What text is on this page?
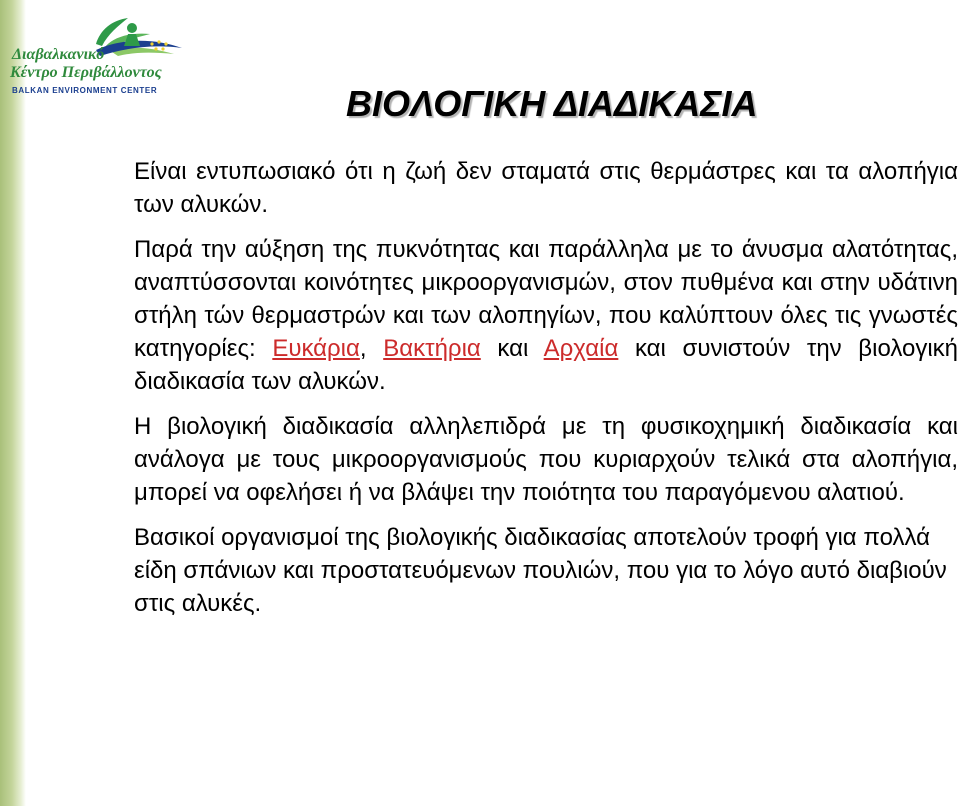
Διαβαλκανικό
Κέντρο Περιβάλλοντος
BALKAN ENVIRONMENT CENTER	ΒΙΟΛΟΓΙΚΗ ΔΙΑΔΙΚΑΣΙΑ

Είναι εντυπωσιακό ότι η ζωή δεν σταματά στις θερμάστρες και τα αλοπήγια των αλυκών.

Παρά την αύξηση της πυκνότητας και παράλληλα με το άνυσμα αλατότητας, αναπτύσσονται κοινότητες μικροοργανισμών, στον πυθμένα και στην υδάτινη στήλη τών θερμαστρών και των αλοπηγίων, που καλύπτουν όλες τις γνωστές κατηγορίες: Ευκάρια, Βακτήρια και Αρχαία και συνιστούν την βιολογική διαδικασία των αλυκών.

Η βιολογική διαδικασία αλληλεπιδρά με τη φυσικοχημική διαδικασία και ανάλογα με τους μικροοργανισμούς που κυριαρχούν τελικά στα αλοπήγια, μπορεί να οφελήσει ή να βλάψει την ποιότητα του παραγόμενου αλατιού.

Βασικοί οργανισμοί της βιολογικής διαδικασίας αποτελούν τροφή για πολλά είδη σπάνιων και προστατευόμενων πουλιών, που για το λόγο αυτό διαβιούν στις αλυκές.
